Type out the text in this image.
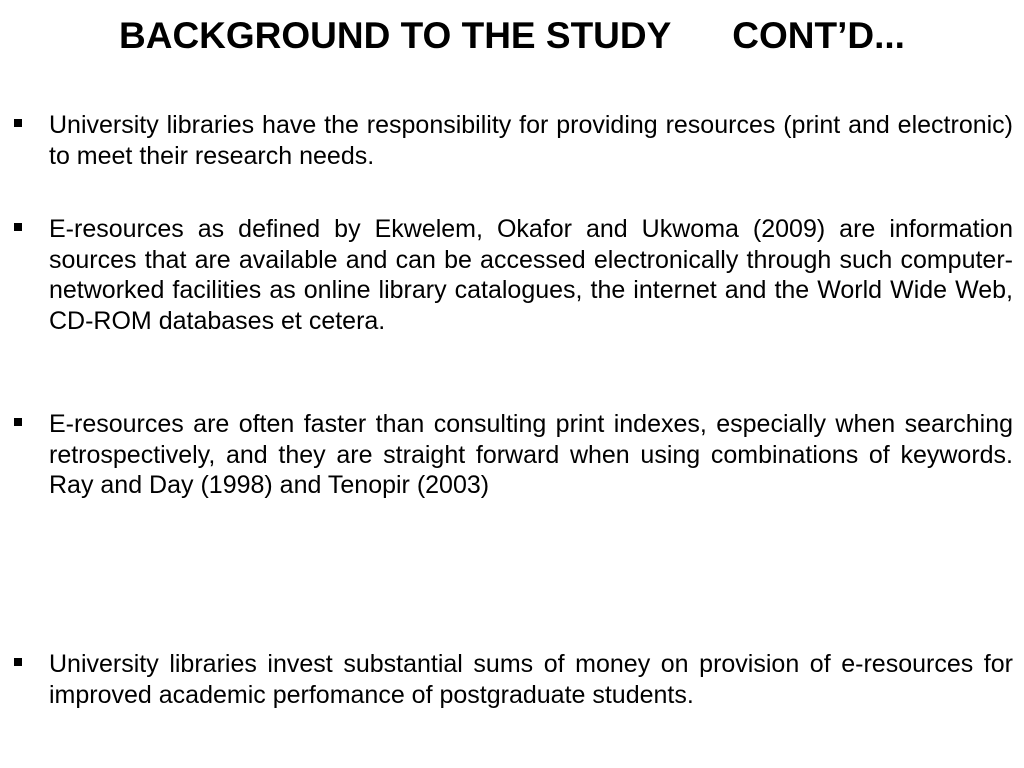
BACKGROUND TO THE STUDY      CONT’D...

University libraries have the responsibility for providing resources (print and electronic) to meet their research needs.

E-resources as defined by Ekwelem, Okafor and Ukwoma (2009) are information sources that are available and can be accessed electronically through such computer-networked facilities as online library catalogues, the internet and the World Wide Web, CD-ROM databases et cetera.

E-resources are often faster than consulting print indexes, especially when searching retrospectively, and they are straight forward when using combinations of keywords. Ray and Day (1998) and Tenopir (2003)

University libraries invest substantial sums of money on provision of e-resources for improved academic perfomance of postgraduate students.
